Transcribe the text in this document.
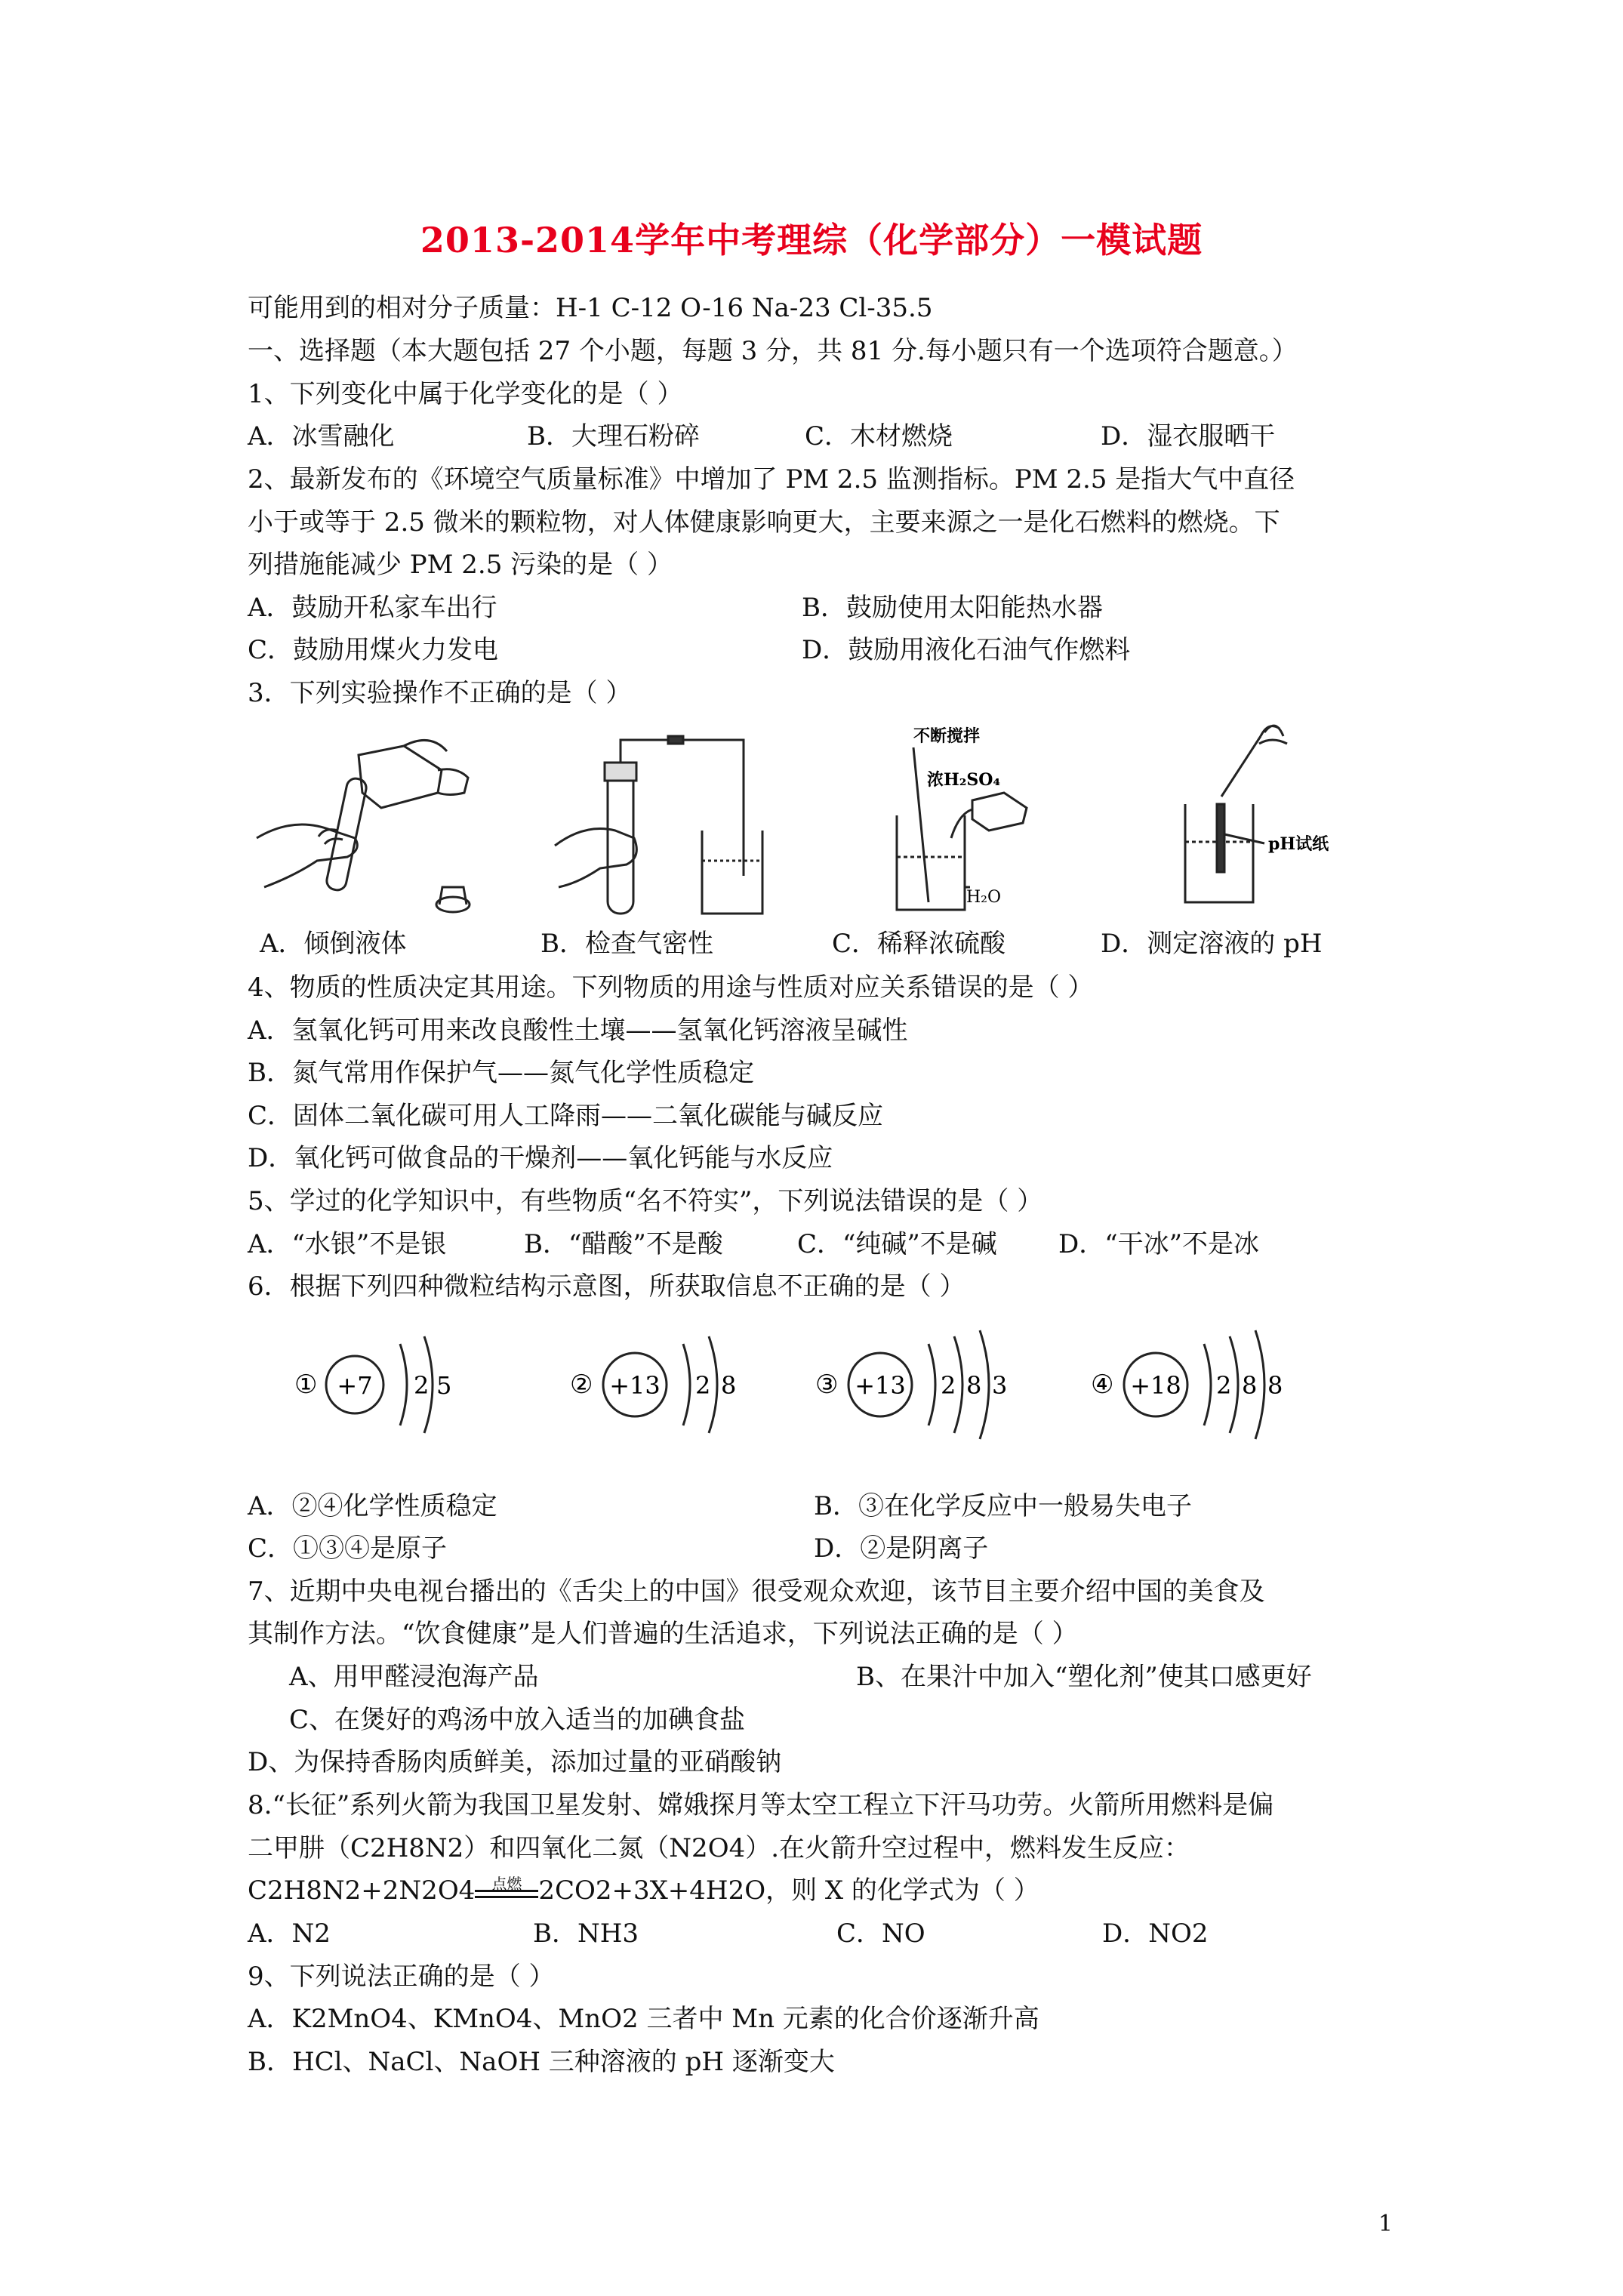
2013-2014学年中考理综（化学部分）一模试题
可能用到的相对分子质量：H-1 C-12 O-16 Na-23 Cl-35.5
一、选择题（本大题包括 27 个小题，每题 3 分，共 81 分.每小题只有一个选项符合题意。）
1、下列变化中属于化学变化的是（ ）
A．冰雪融化	B．大理石粉碎	C．木材燃烧	D．湿衣服晒干
2、最新发布的《环境空气质量标准》中增加了 PM 2.5 监测指标。PM 2.5 是指大气中直径
小于或等于 2.5 微米的颗粒物，对人体健康影响更大，主要来源之一是化石燃料的燃烧。下
列措施能减少 PM 2.5 污染的是（ ）
A．鼓励开私家车出行	B．鼓励使用太阳能热水器
C．鼓励用煤火力发电	D．鼓励用液化石油气作燃料
3．下列实验操作不正确的是（ ）
不断搅拌
浓H₂SO₄
H₂O
pH试纸
A．倾倒液体	B．检查气密性	C．稀释浓硫酸	D．测定溶液的 pH
4、物质的性质决定其用途。下列物质的用途与性质对应关系错误的是（ ）
A．氢氧化钙可用来改良酸性土壤——氢氧化钙溶液呈碱性
B．氮气常用作保护气——氮气化学性质稳定
C．固体二氧化碳可用人工降雨——二氧化碳能与碱反应
D．氧化钙可做食品的干燥剂——氧化钙能与水反应
5、学过的化学知识中，有些物质“名不符实”，下列说法错误的是（ ）
A．“水银”不是银	B．“醋酸”不是酸	C．“纯碱”不是碱 D．“干冰”不是冰
6．根据下列四种微粒结构示意图，所获取信息不正确的是（ ）
① +7 2 5	② +13 2 8	③ +13 2 8 3	④ +18 2 8 8
A．②④化学性质稳定	B．③在化学反应中一般易失电子
C．①③④是原子	D．②是阴离子
7、近期中央电视台播出的《舌尖上的中国》很受观众欢迎，该节目主要介绍中国的美食及
其制作方法。“饮食健康”是人们普遍的生活追求，下列说法正确的是（ ）
A、用甲醛浸泡海产品	B、在果汁中加入“塑化剂”使其口感更好
C、在煲好的鸡汤中放入适当的加碘食盐
D、为保持香肠肉质鲜美，添加过量的亚硝酸钠
8.“长征”系列火箭为我国卫星发射、嫦娥探月等太空工程立下汗马功劳。火箭所用燃料是偏
二甲肼（C2H8N2）和四氧化二氮（N2O4）.在火箭升空过程中，燃料发生反应：
C2H8N2+2N2O4	点燃 2CO2+3X+4H2O，则 X 的化学式为（ ）
A．N2	B．NH3	C．NO	D．NO2
9、下列说法正确的是（ ）
A．K2MnO4、KMnO4、MnO2 三者中 Mn 元素的化合价逐渐升高
B．HCl、NaCl、NaOH 三种溶液的 pH 逐渐变大
1
